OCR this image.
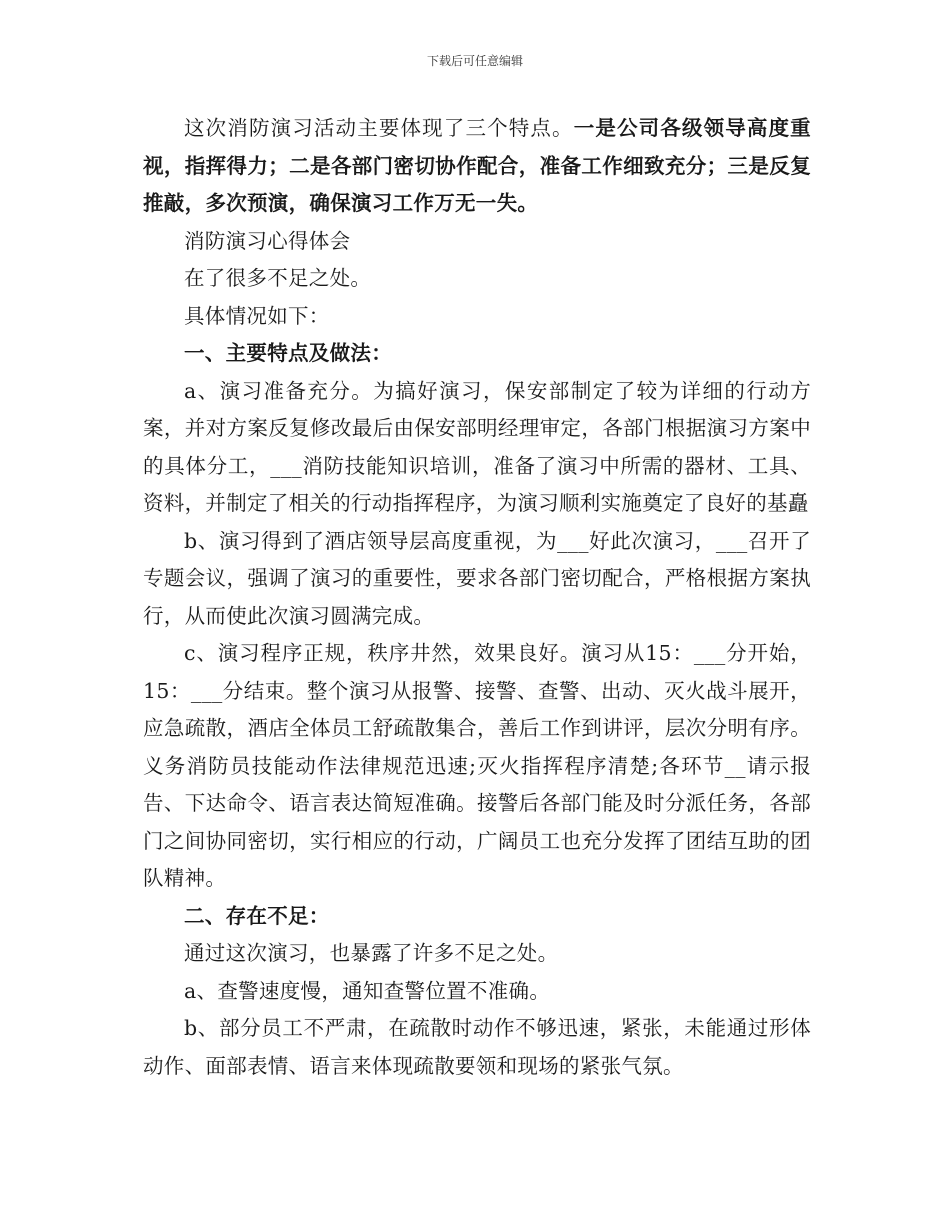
下载后可任意编辑

这次消防演习活动主要体现了三个特点。一是公司各级领导高度重视，指挥得力；二是各部门密切协作配合，准备工作细致充分；三是反复推敲，多次预演，确保演习工作万无一失。

消防演习心得体会

在了很多不足之处。

具体情况如下：

一、主要特点及做法：

a、演习准备充分。为搞好演习，保安部制定了较为详细的行动方案，并对方案反复修改最后由保安部明经理审定，各部门根据演习方案中的具体分工，___消防技能知识培训，准备了演习中所需的器材、工具、资料，并制定了相关的行动指挥程序，为演习顺利实施奠定了良好的基矗

b、演习得到了酒店领导层高度重视，为___好此次演习，___召开了专题会议，强调了演习的重要性，要求各部门密切配合，严格根据方案执行，从而使此次演习圆满完成。

c、演习程序正规，秩序井然，效果良好。演习从15：___分开始，15：___分结束。整个演习从报警、接警、查警、出动、灭火战斗展开，应急疏散，酒店全体员工舒疏散集合，善后工作到讲评，层次分明有序。义务消防员技能动作法律规范迅速;灭火指挥程序清楚;各环节__请示报告、下达命令、语言表达简短准确。接警后各部门能及时分派任务，各部门之间协同密切，实行相应的行动，广阔员工也充分发挥了团结互助的团队精神。

二、存在不足：

通过这次演习，也暴露了许多不足之处。

a、查警速度慢，通知查警位置不准确。

b、部分员工不严肃，在疏散时动作不够迅速，紧张，未能通过形体动作、面部表情、语言来体现疏散要领和现场的紧张气氛。
